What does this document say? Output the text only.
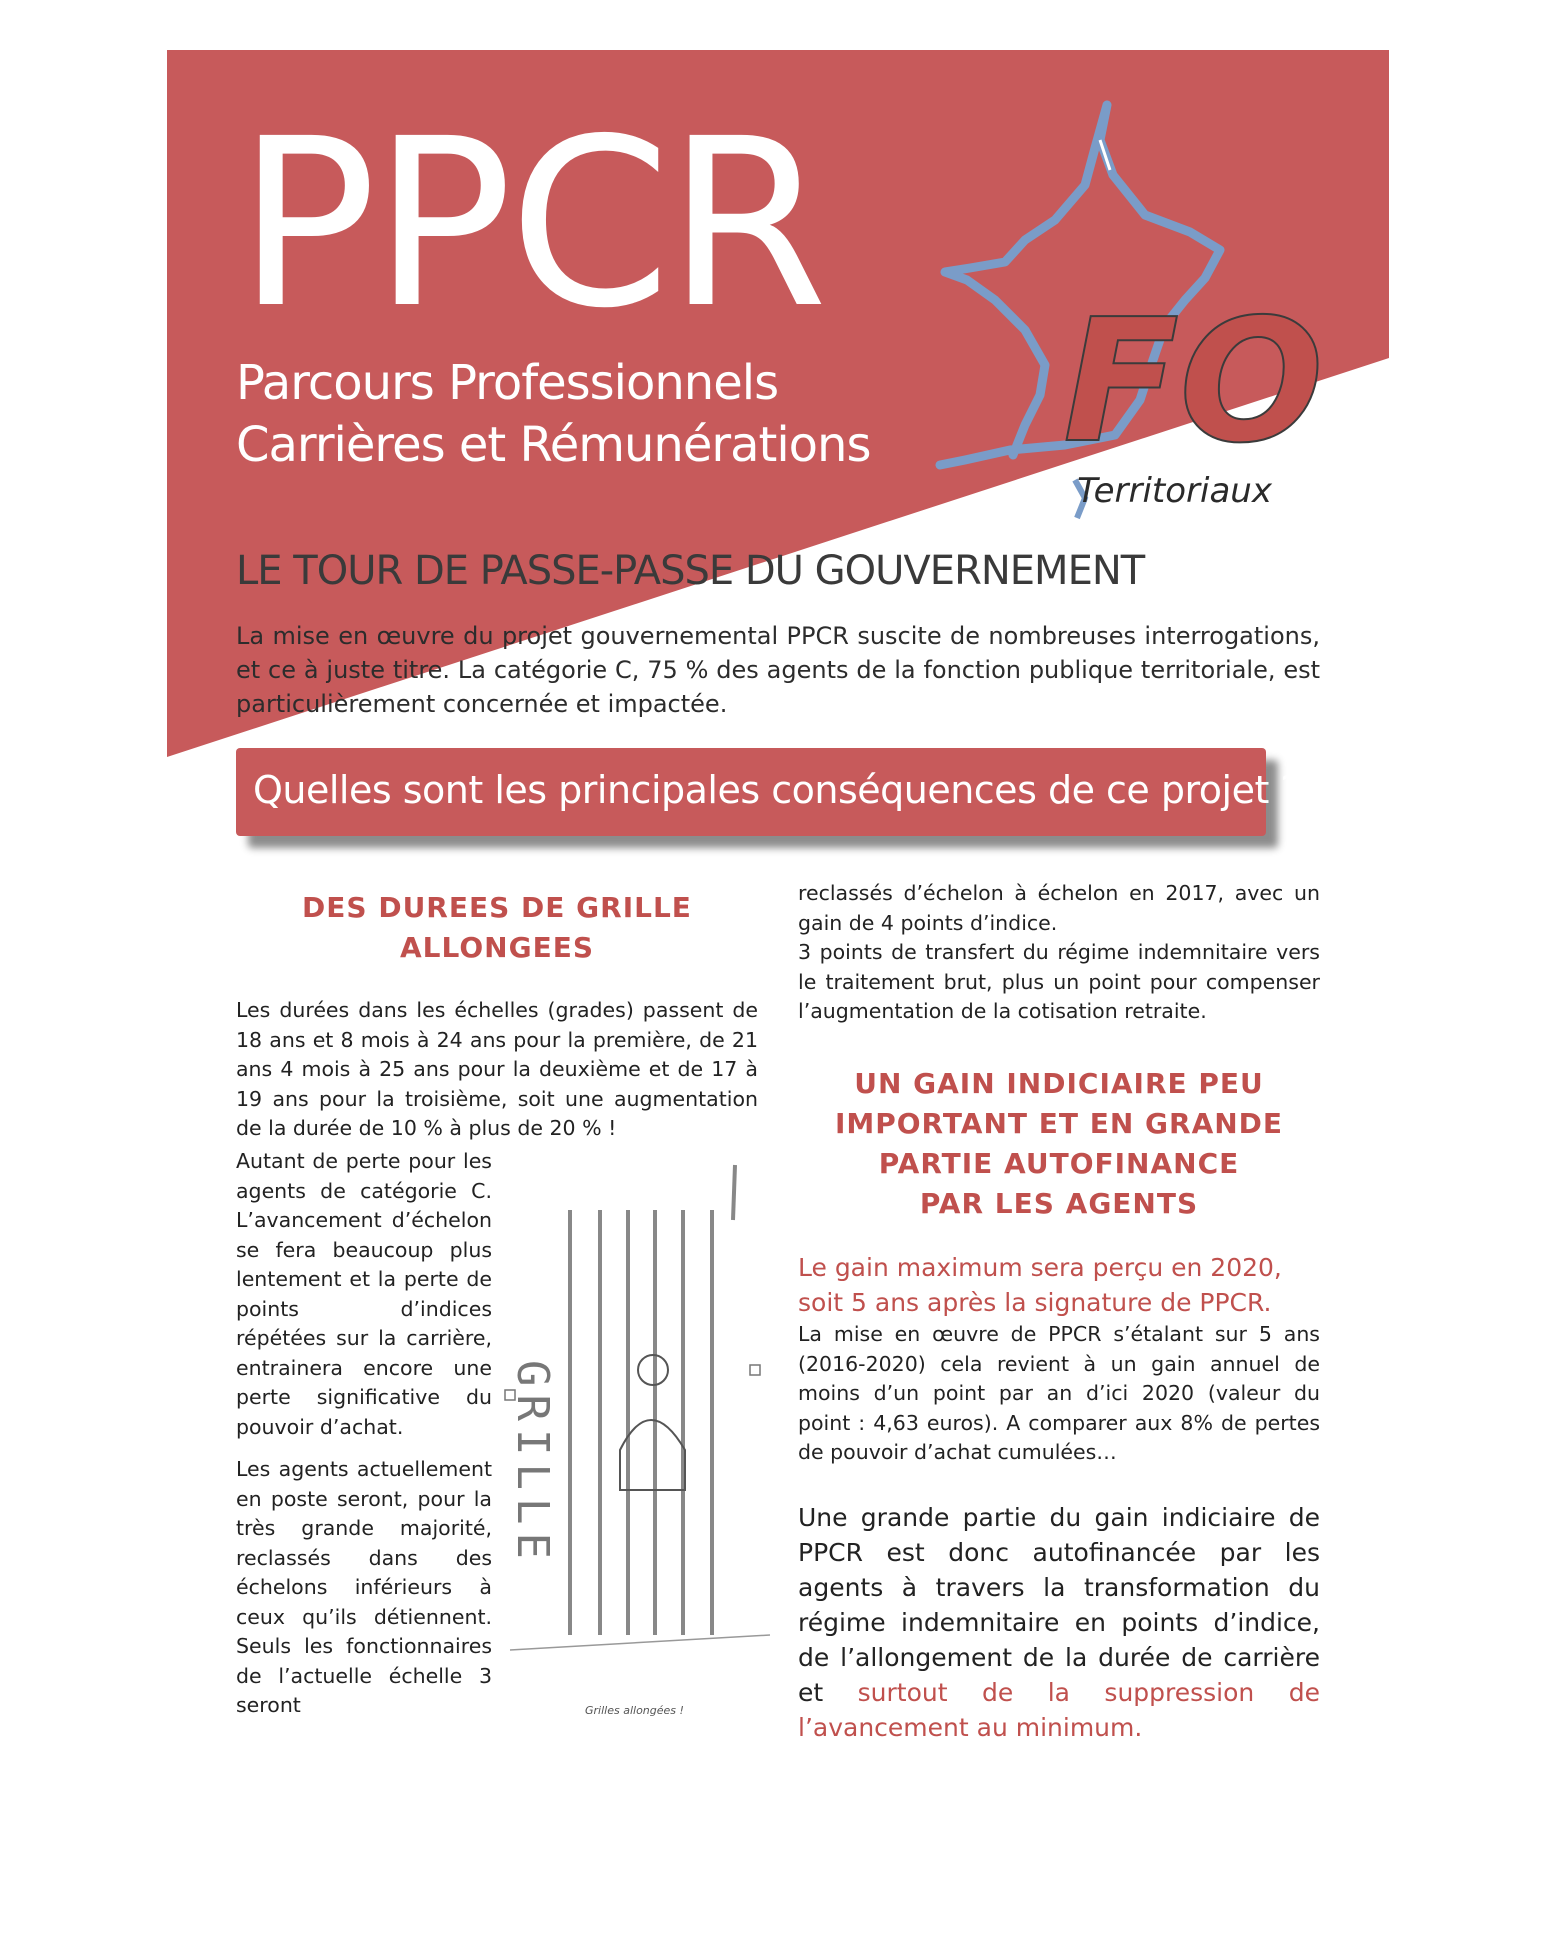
PPCR
Parcours Professionnels
Carrières et Rémunérations FO
Territoriaux
LE TOUR DE PASSE-PASSE DU GOUVERNEMENT
La mise en œuvre du projet gouvernemental PPCR suscite de nombreuses interrogations, et ce à juste titre. La catégorie C, 75 % des agents de la fonction publique territoriale, est particulièrement concernée et impactée.
Quelles sont les principales conséquences de ce projet ?
DES DUREES DE GRILLE
ALLONGEES
Les durées dans les échelles (grades) passent de 18 ans et 8 mois à 24 ans pour la première, de 21 ans 4 mois à 25 ans pour la deuxième et de 17 à 19 ans pour la troisième, soit une augmentation de la durée de 10 % à plus de 20 % !
Autant de perte pour les agents de catégorie C. L’avancement d’échelon se fera beaucoup plus lentement et la perte de points d’indices répétées sur la carrière, entrainera encore une perte significative du pouvoir d’achat.
Les agents actuellement en poste seront, pour la très grande majorité, reclassés dans des échelons inférieurs à ceux qu’ils détiennent. Seuls les fonctionnaires de l’actuelle échelle 3 seront
GRILLE
Grilles allongées !
reclassés d’échelon à échelon en 2017, avec un gain de 4 points d’indice.
3 points de transfert du régime indemnitaire vers le traitement brut, plus un point pour compenser l’augmentation de la cotisation retraite.
UN GAIN INDICIAIRE PEU
IMPORTANT ET EN GRANDE
PARTIE AUTOFINANCE
PAR LES AGENTS
Le gain maximum sera perçu en 2020, soit 5 ans après la signature de PPCR.
La mise en œuvre de PPCR s’étalant sur 5 ans (2016-2020) cela revient à un gain annuel de moins d’un point par an d’ici 2020 (valeur du point : 4,63 euros). A comparer aux 8% de pertes de pouvoir d’achat cumulées…
Une grande partie du gain indiciaire de PPCR est donc autofinancée par les agents à travers la transformation du régime indemnitaire en points d’indice, de l’allongement de la durée de carrière et surtout de la suppression de l’avancement au minimum.
